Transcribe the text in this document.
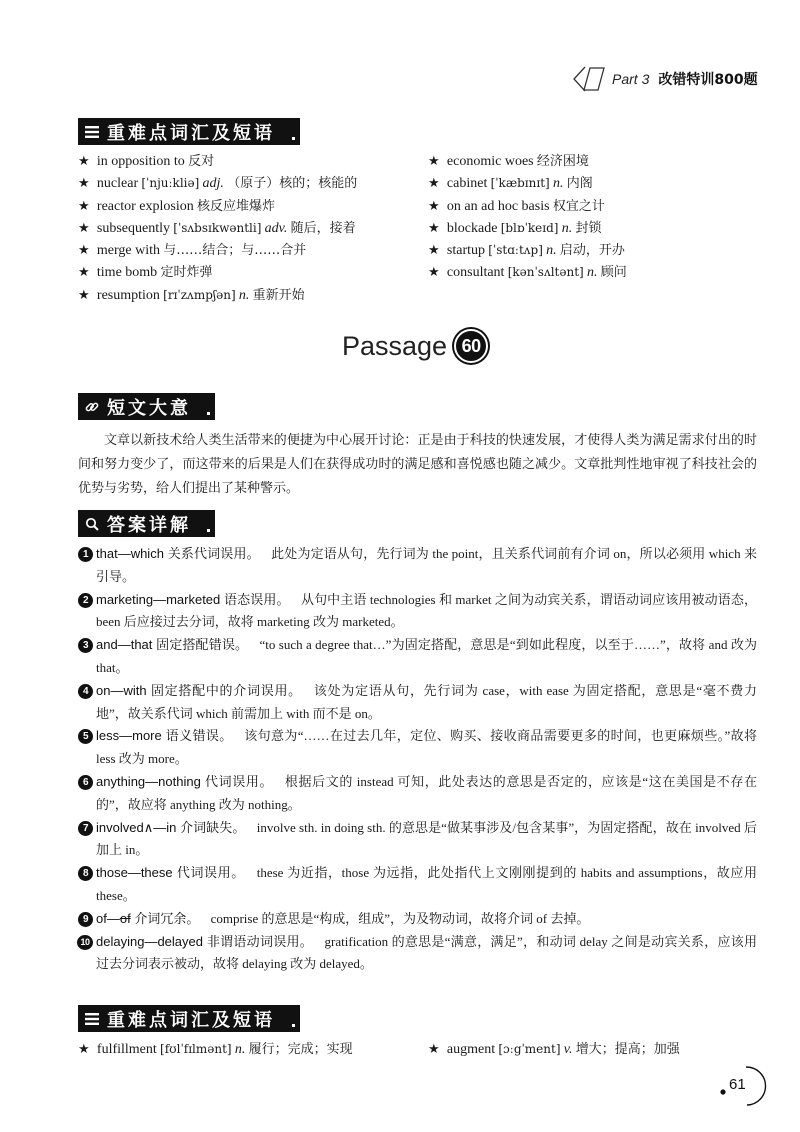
Part 3 改错特训800题
重难点词汇及短语
★ in opposition to 反对
★ nuclear [ˈnjuːkliə] adj. （原子）核的；核能的
★ reactor explosion 核反应堆爆炸
★ subsequently [ˈsʌbsɪkwəntli] adv. 随后，接着
★ merge with 与……结合；与……合并
★ time bomb 定时炸弹
★ resumption [rɪˈzʌmpʃən] n. 重新开始
★ economic woes 经济困境
★ cabinet [ˈkæbɪnɪt] n. 内阁
★ on an ad hoc basis 权宜之计
★ blockade [blɒˈkeɪd] n. 封锁
★ startup [ˈstɑːtʌp] n. 启动，开办
★ consultant [kənˈsʌltənt] n. 顾问
Passage 60
短文大意

文章以新技术给人类生活带来的便捷为中心展开讨论：正是由于科技的快速发展，才使得人类为满足需求付出的时间和努力变少了，而这带来的后果是人们在获得成功时的满足感和喜悦感也随之减少。文章批判性地审视了科技社会的优势与劣势，给人们提出了某种警示。

答案详解
1 that—which 关系代词误用。 此处为定语从句，先行词为 the point，且关系代词前有介词 on，所以必须用 which 来引导。
2 marketing—marketed 语态误用。 从句中主语 technologies 和 market 之间为动宾关系，谓语动词应该用被动语态，been 后应接过去分词，故将 marketing 改为 marketed。
3 and—that 固定搭配错误。 “to such a degree that…”为固定搭配，意思是“到如此程度，以至于……”，故将 and 改为 that。
4 on—with 固定搭配中的介词误用。 该处为定语从句，先行词为 case，with ease 为固定搭配，意思是“毫不费力地”，故关系代词 which 前需加上 with 而不是 on。
5 less—more 语义错误。 该句意为“……在过去几年，定位、购买、接收商品需要更多的时间，也更麻烦些。”故将 less 改为 more。
6 anything—nothing 代词误用。 根据后文的 instead 可知，此处表达的意思是否定的，应该是“这在美国是不存在的”，故应将 anything 改为 nothing。
7 involved∧—in 介词缺失。 involve sth. in doing sth. 的意思是“做某事涉及/包含某事”，为固定搭配，故在 involved 后加上 in。
8 those—these 代词误用。 these 为近指，those 为远指，此处指代上文刚刚提到的 habits and assumptions，故应用 these。
9 of—of 介词冗余。 comprise 的意思是“构成，组成”，为及物动词，故将介词 of 去掉。
10 delaying—delayed 非谓语动词误用。 gratification 的意思是“满意，满足”，和动词 delay 之间是动宾关系，应该用过去分词表示被动，故将 delaying 改为 delayed。
重难点词汇及短语
★ fulfillment [fʊlˈfɪlmənt] n. 履行；完成；实现
★	augment [ɔːgˈment] v. 增大；提高；加强
61
